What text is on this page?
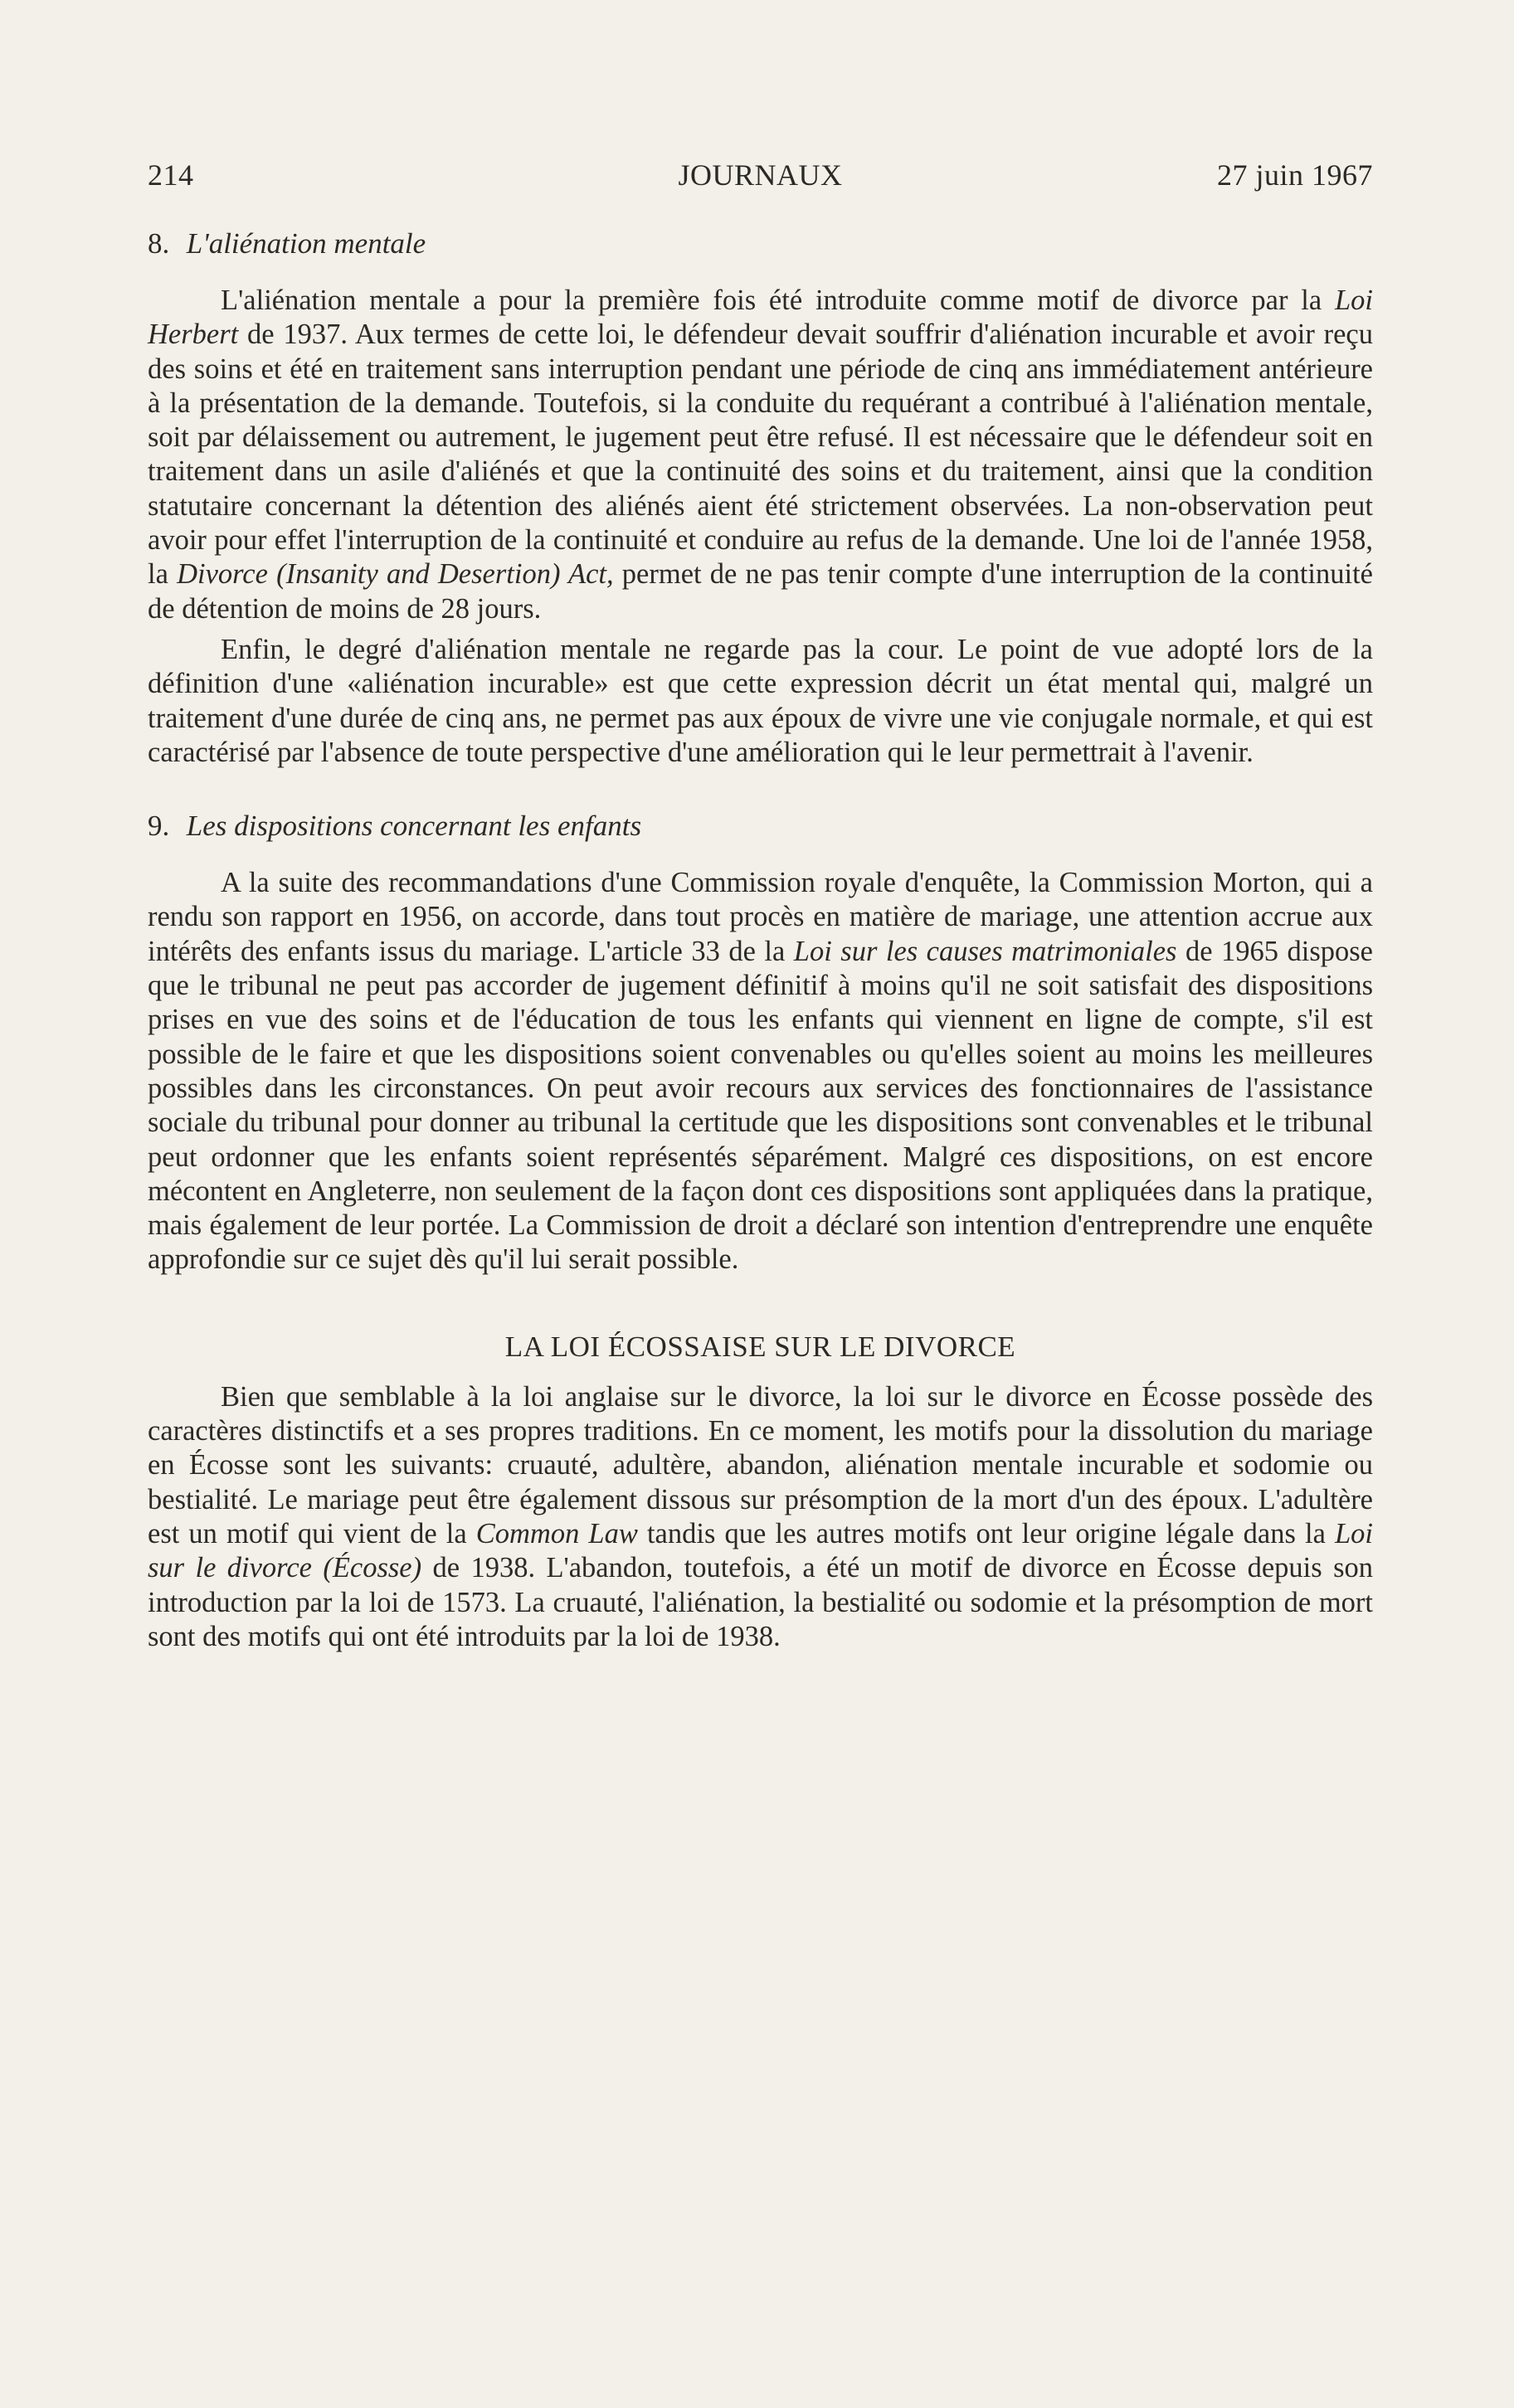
214	JOURNAUX	27 juin 1967
8. L'aliénation mentale

L'aliénation mentale a pour la première fois été introduite comme motif de divorce par la Loi Herbert de 1937. Aux termes de cette loi, le défendeur devait souffrir d'aliénation incurable et avoir reçu des soins et été en traitement sans interruption pendant une période de cinq ans immédiatement antérieure à la présentation de la demande. Toutefois, si la conduite du requérant a contribué à l'aliénation mentale, soit par délaissement ou autrement, le jugement peut être refusé. Il est nécessaire que le défendeur soit en traitement dans un asile d'aliénés et que la continuité des soins et du traitement, ainsi que la condition statutaire concernant la détention des aliénés aient été strictement observées. La non-observation peut avoir pour effet l'interruption de la continuité et conduire au refus de la demande. Une loi de l'année 1958, la Divorce (Insanity and Desertion) Act, permet de ne pas tenir compte d'une interruption de la continuité de détention de moins de 28 jours.

Enfin, le degré d'aliénation mentale ne regarde pas la cour. Le point de vue adopté lors de la définition d'une «aliénation incurable» est que cette expression décrit un état mental qui, malgré un traitement d'une durée de cinq ans, ne permet pas aux époux de vivre une vie conjugale normale, et qui est caractérisé par l'absence de toute perspective d'une amélioration qui le leur permettrait à l'avenir.

9. Les dispositions concernant les enfants

A la suite des recommandations d'une Commission royale d'enquête, la Commission Morton, qui a rendu son rapport en 1956, on accorde, dans tout procès en matière de mariage, une attention accrue aux intérêts des enfants issus du mariage. L'article 33 de la Loi sur les causes matrimoniales de 1965 dispose que le tribunal ne peut pas accorder de jugement définitif à moins qu'il ne soit satisfait des dispositions prises en vue des soins et de l'éducation de tous les enfants qui viennent en ligne de compte, s'il est possible de le faire et que les dispositions soient convenables ou qu'elles soient au moins les meilleures possibles dans les circonstances. On peut avoir recours aux services des fonctionnaires de l'assistance sociale du tribunal pour donner au tribunal la certitude que les dispositions sont convenables et le tribunal peut ordonner que les enfants soient représentés séparément. Malgré ces dispositions, on est encore mécontent en Angleterre, non seulement de la façon dont ces dispositions sont appliquées dans la pratique, mais également de leur portée. La Commission de droit a déclaré son intention d'entreprendre une enquête approfondie sur ce sujet dès qu'il lui serait possible.

LA LOI ÉCOSSAISE SUR LE DIVORCE

Bien que semblable à la loi anglaise sur le divorce, la loi sur le divorce en Écosse possède des caractères distinctifs et a ses propres traditions. En ce moment, les motifs pour la dissolution du mariage en Écosse sont les suivants: cruauté, adultère, abandon, aliénation mentale incurable et sodomie ou bestialité. Le mariage peut être également dissous sur présomption de la mort d'un des époux. L'adultère est un motif qui vient de la Common Law tandis que les autres motifs ont leur origine légale dans la Loi sur le divorce (Écosse) de 1938. L'abandon, toutefois, a été un motif de divorce en Écosse depuis son introduction par la loi de 1573. La cruauté, l'aliénation, la bestialité ou sodomie et la présomption de mort sont des motifs qui ont été introduits par la loi de 1938.
